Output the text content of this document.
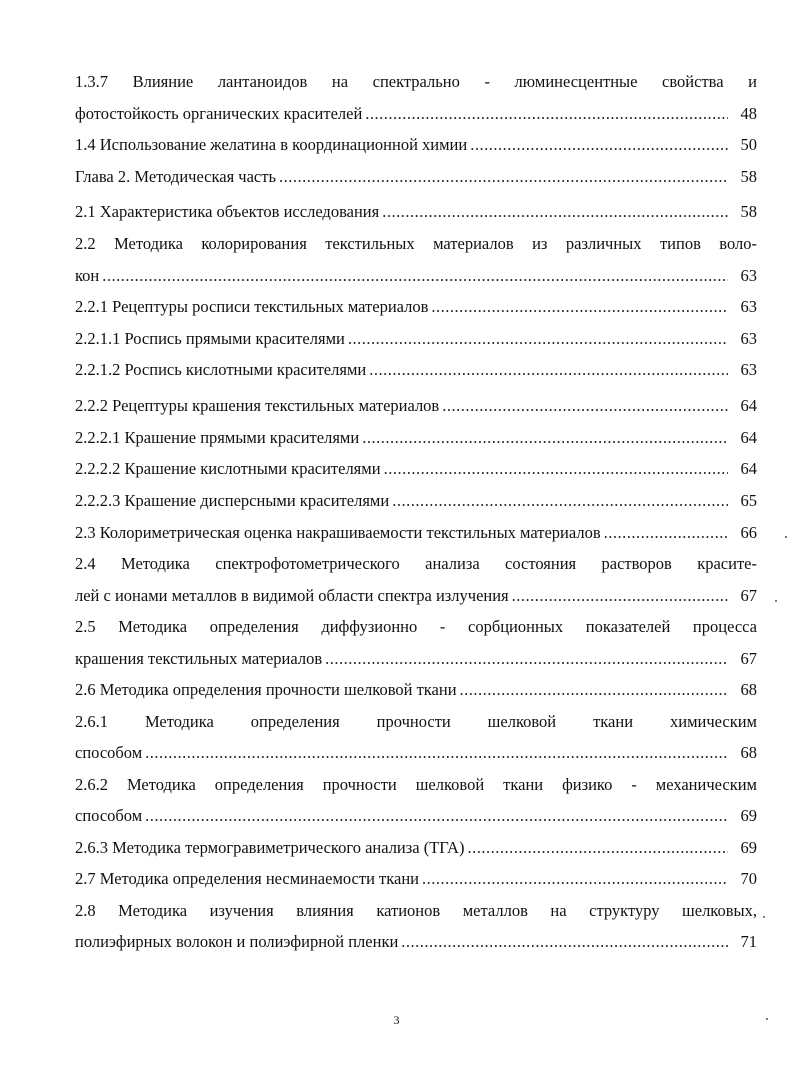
1.3.7 Влияние лантаноидов на спектрально - люминесцентные свойства и
фотостойкость органических красителей .....	48
1.4 Использование желатина в координационной химии .....	50
Глава 2. Методическая часть .....	58
2.1 Характеристика объектов исследования .....	58
2.2 Методика колорирования текстильных материалов из различных типов воло-
кон .....	63
2.2.1 Рецептуры росписи текстильных материалов .....	63
2.2.1.1 Роспись прямыми красителями .....	63
2.2.1.2 Роспись кислотными красителями .....	63
2.2.2 Рецептуры крашения текстильных материалов .....	64
2.2.2.1 Крашение прямыми красителями .....	64
2.2.2.2 Крашение кислотными красителями .....	64
2.2.2.3 Крашение дисперсными красителями .....	65
2.3 Колориметрическая оценка накрашиваемости текстильных материалов .....	66
2.4 Методика спектрофотометрического анализа состояния растворов красите-
лей с ионами металлов в видимой области спектра излучения .....	67
2.5 Методика определения диффузионно - сорбционных показателей процесса
крашения текстильных материалов .....	67
2.6 Методика определения прочности шелковой ткани .....	68
2.6.1 Методика определения прочности шелковой ткани химическим
способом .....	68
2.6.2 Методика определения прочности шелковой ткани физико - механическим
способом .....	69
2.6.3 Методика термогравиметрического анализа (ТГА) .....	69
2.7 Методика определения несминаемости ткани .....	70
2.8 Методика изучения влияния катионов металлов на структуру шелковых,
полиэфирных волокон и полиэфирной пленки .....	71
3
